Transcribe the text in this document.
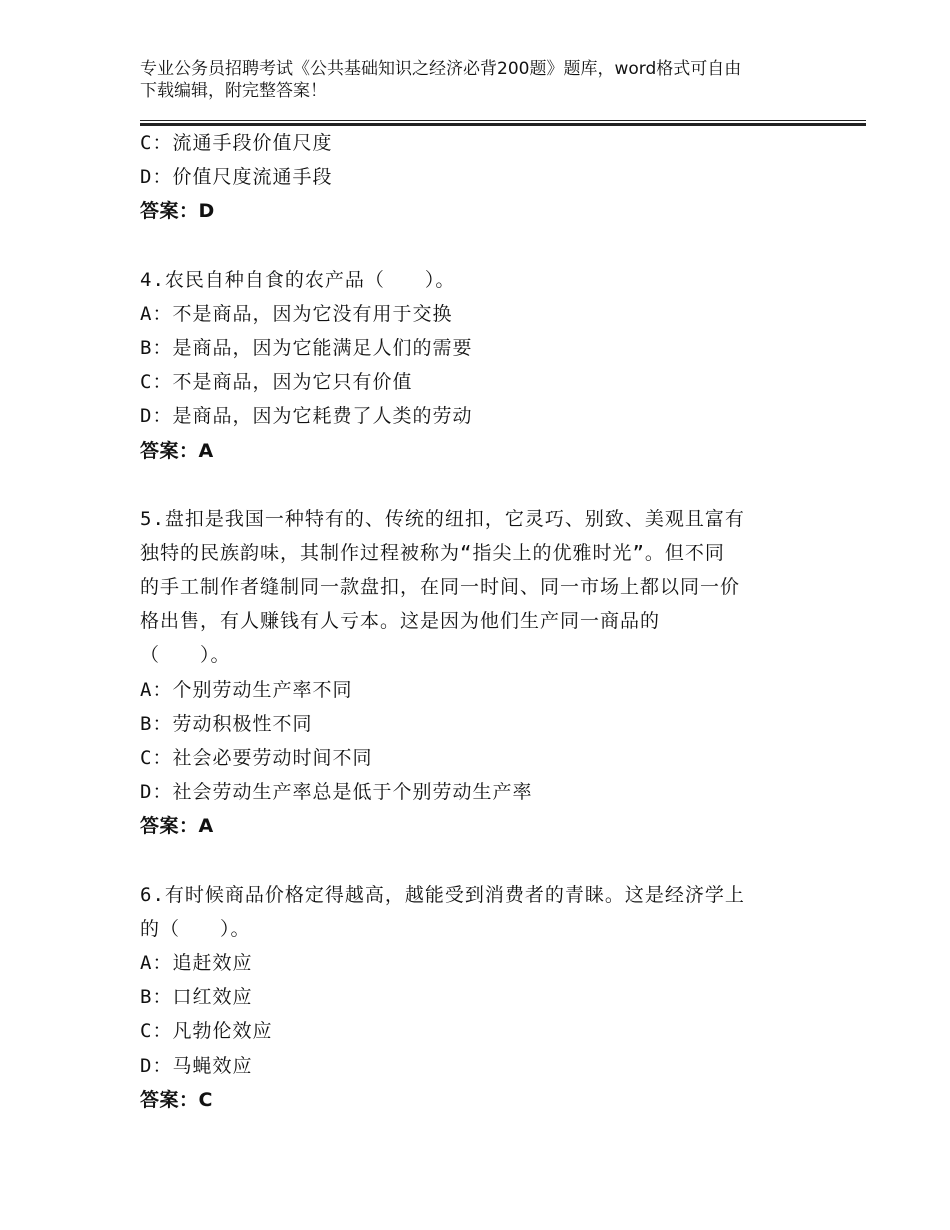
专业公务员招聘考试《公共基础知识之经济必背200题》题库，word格式可自由
下载编辑，附完整答案！
C：流通手段价值尺度
D：价值尺度流通手段
答案：D
4.农民自种自食的农产品（　　）。
A：不是商品，因为它没有用于交换
B：是商品，因为它能满足人们的需要
C：不是商品，因为它只有价值
D：是商品，因为它耗费了人类的劳动
答案：A
5.盘扣是我国一种特有的、传统的纽扣，它灵巧、别致、美观且富有
独特的民族韵味，其制作过程被称为“指尖上的优雅时光”。但不同
的手工制作者缝制同一款盘扣，在同一时间、同一市场上都以同一价
格出售，有人赚钱有人亏本。这是因为他们生产同一商品的
（　　）。
A：个别劳动生产率不同
B：劳动积极性不同
C：社会必要劳动时间不同
D：社会劳动生产率总是低于个别劳动生产率
答案：A
6.有时候商品价格定得越高，越能受到消费者的青睐。这是经济学上
的（　　）。
A：追赶效应
B：口红效应
C：凡勃伦效应
D：马蝇效应
答案：C
